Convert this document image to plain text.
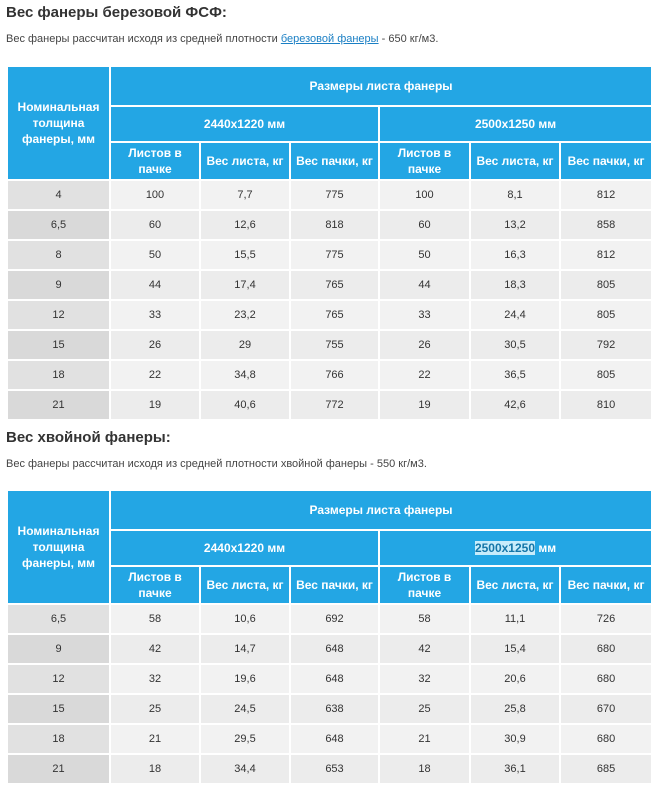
Вес фанеры березовой ФСФ:

Вес фанеры рассчитан исходя из средней плотности березовой фанеры - 650 кг/м3.

Номинальная толщина фанеры, мм	Размеры листа фанеры					
	2440х1220 мм			2500х1250 мм		
	Листов в пачке	Вес листа, кг	Вес пачки, кг	Листов в пачке	Вес листа, кг	Вес пачки, кг
4	100	7,7	775	100	8,1	812
6,5	60	12,6	818	60	13,2	858
8	50	15,5	775	50	16,3	812
9	44	17,4	765	44	18,3	805
12	33	23,2	765	33	24,4	805
15	26	29	755	26	30,5	792
18	22	34,8	766	22	36,5	805
21	19	40,6	772	19	42,6	810
Вес хвойной фанеры:

Вес фанеры рассчитан исходя из средней плотности хвойной фанеры - 550 кг/м3.

Номинальная толщина фанеры, мм	Размеры листа фанеры					
	2440х1220 мм			2500х1250 мм		
	Листов в пачке	Вес листа, кг	Вес пачки, кг	Листов в пачке	Вес листа, кг	Вес пачки, кг
6,5	58	10,6	692	58	11,1	726
9	42	14,7	648	42	15,4	680
12	32	19,6	648	32	20,6	680
15	25	24,5	638	25	25,8	670
18	21	29,5	648	21	30,9	680
21	18	34,4	653	18	36,1	685
